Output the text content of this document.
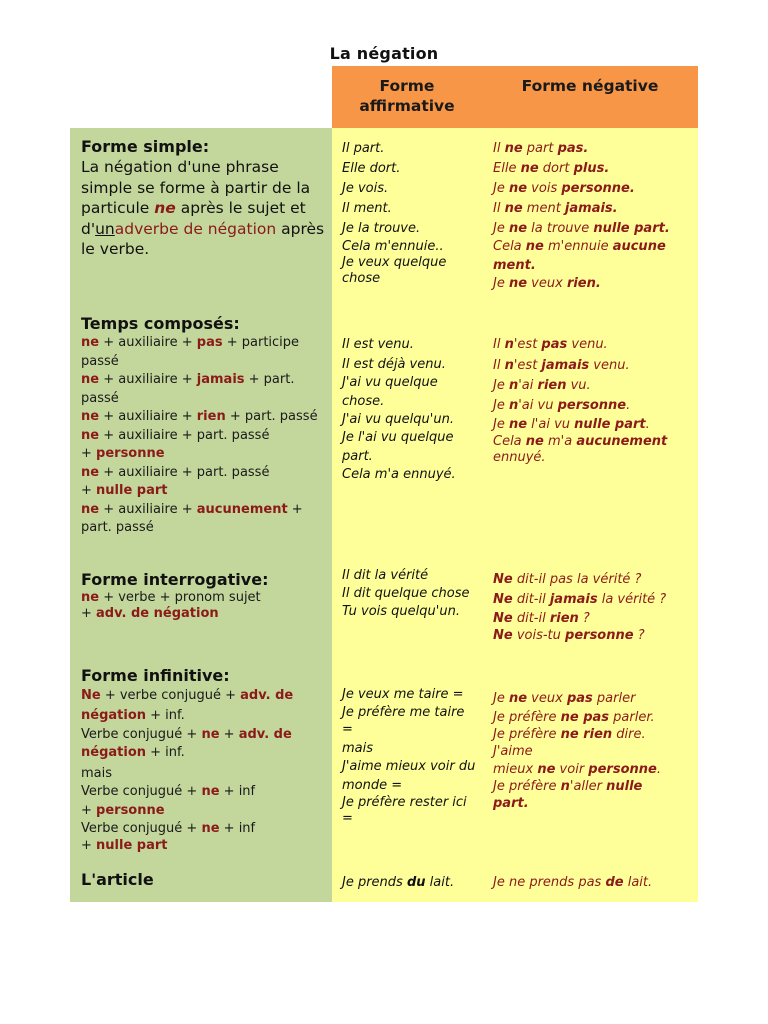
La négation
Forme affirmative
Forme négative
Forme simple:
La négation d'une phrase simple se forme à partir de la particule ne après le sujet et d'unadverbe de négation après le verbe.
Il part.
Elle dort.
Je vois.
Il ment.
Je la trouve.
Cela m'ennuie..
Je veux quelque chose
Il ne part pas.
Elle ne dort plus.
Je ne vois personne.
Il ne ment jamais.
Je ne la trouve nulle part.
Cela ne m'ennuie aucune
ment.
Je ne veux rien.
Temps composés:
ne + auxiliaire + pas + participe passé
ne + auxiliaire + jamais + part. passé
ne + auxiliaire + rien + part. passé
ne + auxiliaire + part. passé
+ personne
ne + auxiliaire + part. passé
+ nulle part
ne + auxiliaire + aucunement + part. passé
Il est venu.
Il est déjà venu.
J'ai vu quelque chose.
J'ai vu quelqu'un.
Je l'ai vu quelque part.
Cela m'a ennuyé.
Il n'est pas venu.
Il n'est jamais venu.
Je n'ai rien vu.
Je n'ai vu personne.
Je ne l'ai vu nulle part.
Cela ne m'a aucunement
ennuyé.
Forme interrogative:
ne + verbe + pronom sujet
+ adv. de négation
Il dit la vérité
Il dit quelque chose
Tu vois quelqu'un.
Ne dit-il pas la vérité ?
Ne dit-il jamais la vérité ?
Ne dit-il rien ?
Ne vois-tu personne ?
Forme infinitive:
Ne + verbe conjugué + adv. de négation + inf.
Verbe conjugué + ne + adv. de négation + inf.
mais
Verbe conjugué + ne + inf
+ personne
Verbe conjugué + ne + inf
+ nulle part
Je veux me taire =
Je préfère me taire =
mais
J'aime mieux voir du monde =
Je préfère rester ici =
Je ne veux pas parler
Je préfère ne pas parler.
Je préfère ne rien dire.
J'aime
mieux ne voir personne.
Je préfère n'aller nulle
part.
L'article	Je prends du lait.	Je ne prends pas de lait.
